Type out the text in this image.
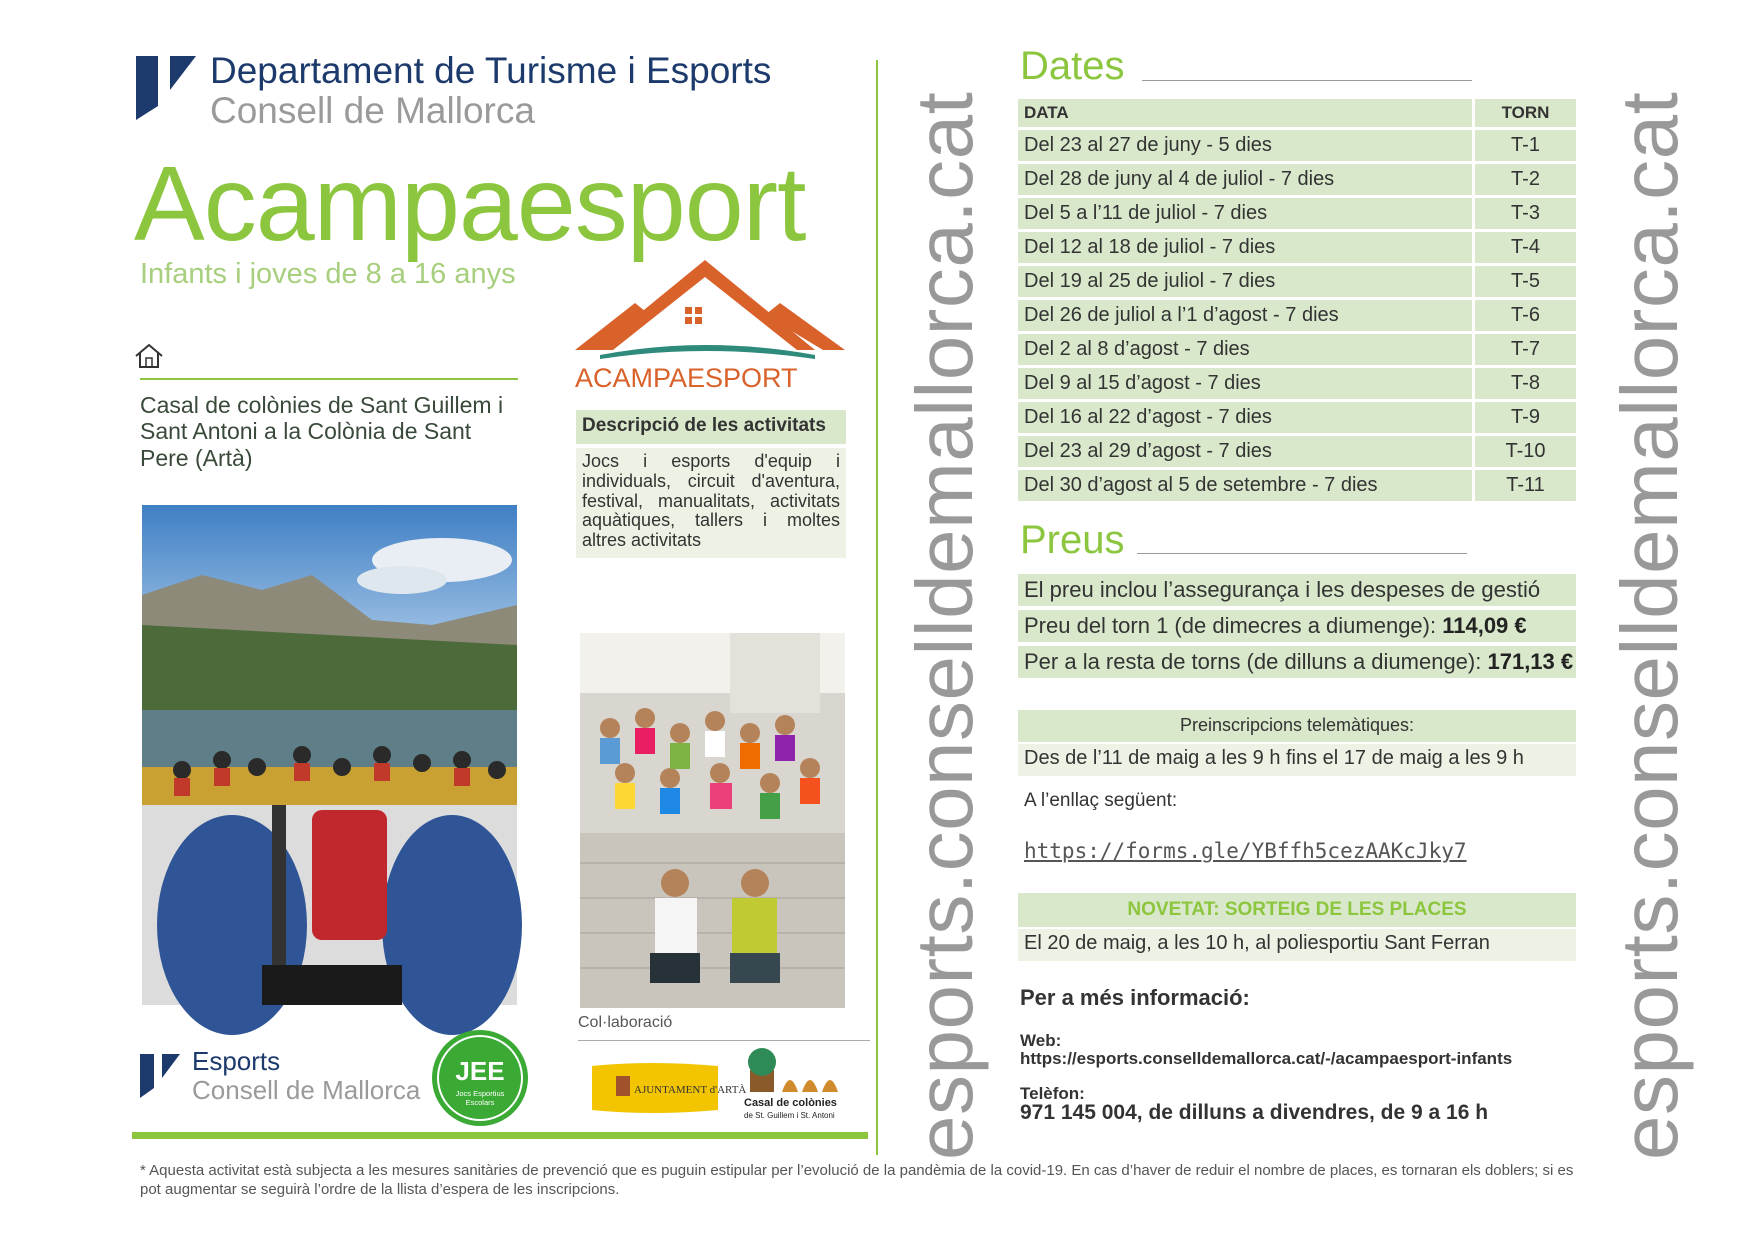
Departament de Turisme i Esports
Consell de Mallorca
Acampaesport
Infants i joves de 8 a 16 anys
ACAMPAESPORT
Casal de colònies de Sant Guillem i Sant Antoni a la Colònia de Sant Pere (Artà)
Descripció de les activitats
Jocs i esports d'equip i individuals, circuit d'aventura, festival, manualitats, activitats aquàtiques, tallers i moltes altres activitats
Col·laboració
AJUNTAMENT d'ARTÀ
Casal de colònies
de St. Guillem i St. Antoni
Esports
Consell de Mallorca
JEE
Jocs Esportius
Escolars	esports.conselldemallorca.cat	esports.conselldemallorca.cat
Dates
DATA	TORN
Del 23 al 27 de juny - 5 dies	T-1
Del 28 de juny al 4 de juliol - 7 dies	T-2
Del 5 a l’11 de juliol - 7 dies	T-3
Del 12 al 18 de juliol - 7 dies	T-4
Del 19 al 25 de juliol - 7 dies	T-5
Del 26 de juliol a l’1 d’agost - 7 dies	T-6
Del 2 al 8 d’agost - 7 dies	T-7
Del 9 al 15 d’agost - 7 dies	T-8
Del 16 al 22 d’agost - 7 dies	T-9
Del 23 al 29 d’agost - 7 dies	T-10
Del 30 d’agost al 5 de setembre - 7 dies	T-11
Preus
El preu inclou l’assegurança i les despeses de gestió
Preu del torn 1 (de dimecres a diumenge): 114,09 €
Per a la resta de torns (de dilluns a diumenge): 171,13 €
Preinscripcions telemàtiques:
Des de l’11 de maig a les 9 h fins el 17 de maig a les 9 h
A l’enllaç següent:
https://forms.gle/YBffh5cezAAKcJky7
NOVETAT: SORTEIG DE LES PLACES
El 20 de maig, a les 10 h, al poliesportiu Sant Ferran
Per a més informació:
Web:
https://esports.conselldemallorca.cat/-/acampaesport-infants
Telèfon:
971 145 004, de dilluns a divendres, de 9 a 16 h
* Aquesta activitat està subjecta a les mesures sanitàries de prevenció que es puguin estipular per l’evolució de la pandèmia de la covid-19. En cas d’haver de reduir el nombre de places, es tornaran els doblers; si es pot augmentar se seguirà l’ordre de la llista d’espera de les inscripcions.
